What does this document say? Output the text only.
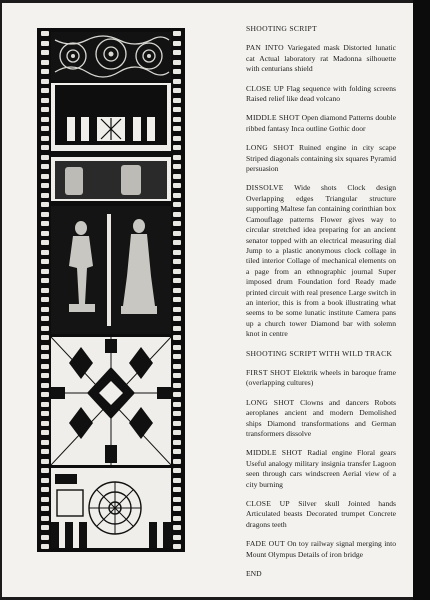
SHOOTING SCRIPT
PAN INTO Variegated mask Distorted lunatic cat Actual laboratory rat Madonna silhouette with centurians shield
CLOSE UP Flag sequence with folding screens Raised relief like dead volcano
MIDDLE SHOT Open diamond Patterns double ribbed fantasy Inca outline Gothic door
LONG SHOT Ruined engine in city scape Striped diagonals containing six squares Pyramid persuasion
DISSOLVE Wide shots Clock design Overlapping edges Triangular structure supporting Maltese fan containing corinthian box Camouflage patterns Flower gives way to circular stretched idea preparing for an ancient senator topped with an electrical measuring dial Jump to a plastic anonymous clock collage in tiled interior Collage of mechanical elements on a page from an ethnographic journal Super imposed drum Foundation ford Ready made printed circuit with real presence Large switch in an interior, this is from a book illustrating what seems to be some lunatic institute Camera pans up a church tower Diamond bar with solemn knot in centre
SHOOTING SCRIPT WITH WILD TRACK
FIRST SHOT Elektrik wheels in baroque frame (overlapping cultures)
LONG SHOT Clowns and dancers Robots aeroplanes ancient and modern Demolished ships Diamond transformations and German transformers dissolve
MIDDLE SHOT Radial engine Floral gears Useful analogy military insignia transfer Lagoon seen through cars windscreen Aerial view of a city burning
CLOSE UP Silver skull Jointed hands Articulated beasts Decorated trumpet Concrete dragons teeth
FADE OUT On toy railway signal merging into Mount Olympus Details of iron bridge
END
